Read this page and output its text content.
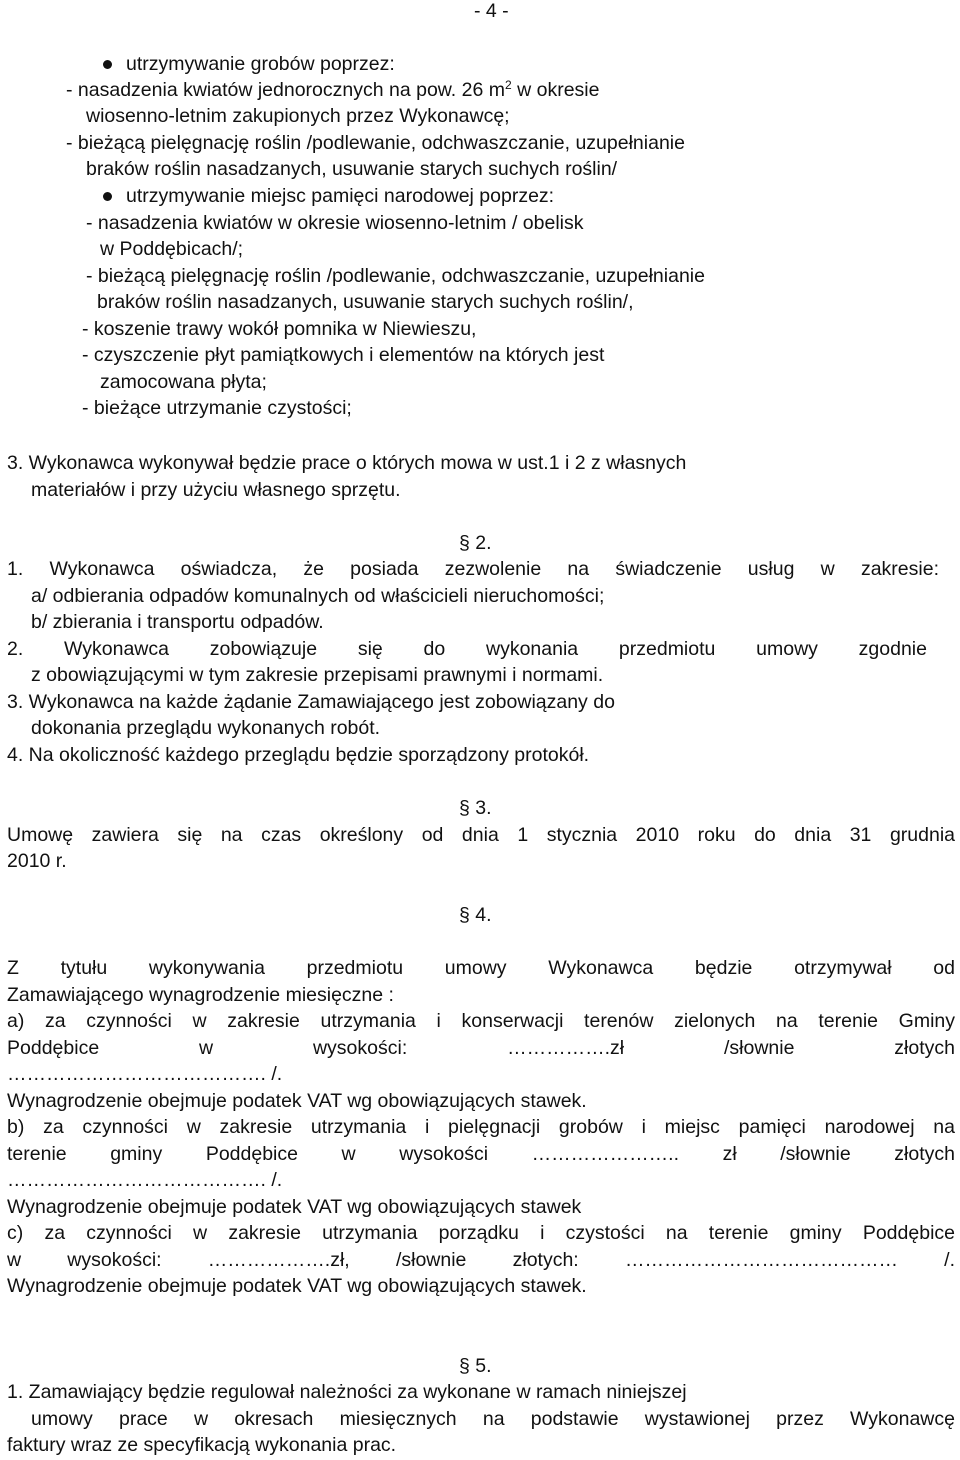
- 4 -
utrzymywanie grobów poprzez:
- nasadzenia kwiatów jednorocznych na pow. 26 $m^2$ w okresie
wiosenno-letnim zakupionych przez Wykonawcę;
- bieżącą pielęgnację roślin /podlewanie, odchwaszczanie, uzupełnianie
braków roślin nasadzanych, usuwanie starych suchych roślin/
utrzymywanie miejsc pamięci narodowej poprzez:
- nasadzenia kwiatów w okresie wiosenno-letnim / obelisk
w Poddębicach/;
- bieżącą pielęgnację roślin /podlewanie, odchwaszczanie, uzupełnianie
braków roślin nasadzanych, usuwanie starych suchych roślin/,
- koszenie trawy wokół pomnika w Niewieszu,
- czyszczenie płyt pamiątkowych i elementów na których jest
zamocowana płyta;
- bieżące utrzymanie czystości;
3. Wykonawca wykonywał będzie prace o których mowa w ust.1 i 2 z własnych
materiałów i przy użyciu własnego sprzętu.
§ 2.
1. Wykonawca oświadcza, że posiada zezwolenie na świadczenie usług w zakresie:
a/ odbierania odpadów komunalnych od właścicieli nieruchomości;
b/ zbierania i transportu odpadów.
2. Wykonawca zobowiązuje się do wykonania przedmiotu umowy zgodnie
z obowiązującymi w tym zakresie przepisami prawnymi i normami.
3. Wykonawca na każde żądanie Zamawiającego jest zobowiązany do
dokonania przeglądu wykonanych robót.
4. Na okoliczność każdego przeglądu będzie sporządzony protokół.
§ 3.
Umowę zawiera się na czas określony od dnia 1 stycznia 2010 roku do dnia 31 grudnia
2010 r.
§ 4.
Z tytułu wykonywania przedmiotu umowy Wykonawca będzie otrzymywał od
Zamawiającego wynagrodzenie miesięczne :
a) za czynności w zakresie utrzymania i konserwacji terenów zielonych na terenie Gminy
Poddębice w wysokości: …………….zł /słownie złotych
…………………………………. /.
Wynagrodzenie obejmuje podatek VAT wg obowiązujących stawek.
b) za czynności w zakresie utrzymania i pielęgnacji grobów i miejsc pamięci narodowej na
terenie gminy Poddębice w wysokości ………………….. zł /słownie złotych
…………………………………. /.
Wynagrodzenie obejmuje podatek VAT wg obowiązujących stawek
c) za czynności w zakresie utrzymania porządku i czystości na terenie gminy Poddębice
w wysokości: ……………….zł, /słownie złotych: …………………………………… /.
Wynagrodzenie obejmuje podatek VAT wg obowiązujących stawek.
§ 5.
1. Zamawiający będzie regulował należności za wykonane w ramach niniejszej
umowy prace w okresach miesięcznych na podstawie wystawionej przez Wykonawcę
faktury wraz ze specyfikacją wykonania prac.
